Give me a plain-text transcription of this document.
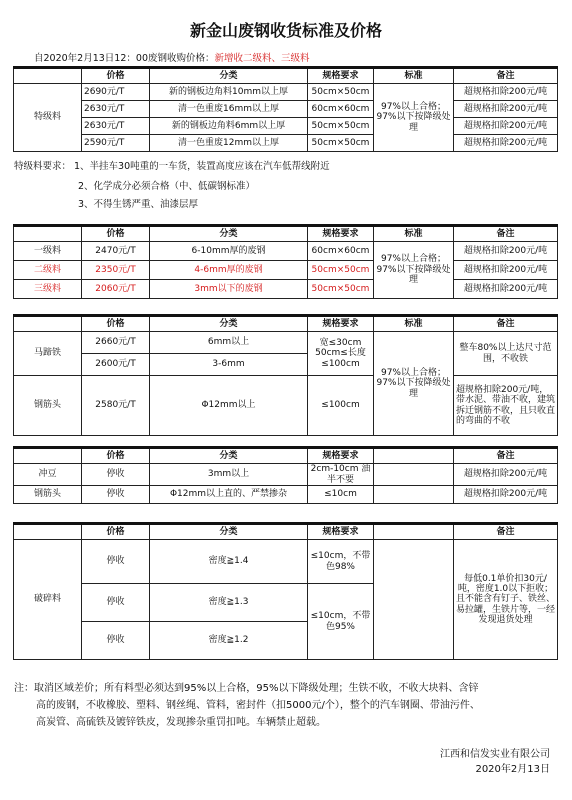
新金山废钢收货标准及价格
自2020年2月13日12：00废钢收购价格：新增收二级料、三级料
	价格	分类	规格要求	标准	备注
特级料	2690元/T	新的钢板边角料10mm以上厚	50cm×50cm	97%以上合格；97%以下按降级处理	超规格扣除200元/吨
	2630元/T	清一色重废16mm以上厚	60cm×60cm		超规格扣除200元/吨
	2630元/T	新的钢板边角料6mm以上厚	50cm×50cm		超规格扣除200元/吨
	2590元/T	清一色重废12mm以上厚	50cm×50cm		超规格扣除200元/吨
特级料要求： 1、半挂车30吨重的一车货，装置高度应该在汽车低帮线附近
2、化学成分必须合格（中、低碳钢标准）
3、不得生锈严重、油漆层厚
	价格	分类	规格要求	标准	备注
一级料	2470元/T	6-10mm厚的废钢	60cm×60cm	97%以上合格；97%以下按降级处理	超规格扣除200元/吨
二级料	2350元/T	4-6mm厚的废钢	50cm×50cm		超规格扣除200元/吨
三级料	2060元/T	3mm以下的废钢	50cm×50cm		超规格扣除200元/吨
	价格	分类	规格要求	标准	备注
马蹄铁	2660元/T	6mm以上	宽≤30cm 50cm≤长度≤100cm	97%以上合格；97%以下按降级处理	整车80%以上达尺寸范围，不收铁
	2600元/T	3-6mm			
钢筋头	2580元/T	Φ12mm以上	≤100cm		超规格扣除200元/吨，带水泥、带油不收，建筑拆迁钢筋不收，且只收直的弯曲的不收
	价格	分类	规格要求		备注
冲豆	停收	3mm以上	2cm-10cm 油半不要		超规格扣除200元/吨
钢筋头	停收	Φ12mm以上直的、严禁掺杂	≤10cm		超规格扣除200元/吨
	价格	分类	规格要求		备注
破碎料	停收	密度≧1.4	≤10cm，不带色98%		每低0.1单价扣30元/吨，密度1.0以下拒收；且不能含有钉子、铁丝、易拉罐，生铁片等，一经发现退货处理
	停收	密度≧1.3	≤10cm，不带色95%		
	停收	密度≧1.2			
注：取消区域差价；所有料型必须达到95%以上合格，95%以下降级处理；生铁不收，不收大块料、含锌
高的废钢，不收橡胶、塑料、钢丝绳、管料，密封件（扣5000元/个），整个的汽车钢圈、带油污件、
高炭管、高硫铁及镀锌铁皮，发现掺杂重罚扣吨。车辆禁止超载。
江西和信发实业有限公司
2020年2月13日
